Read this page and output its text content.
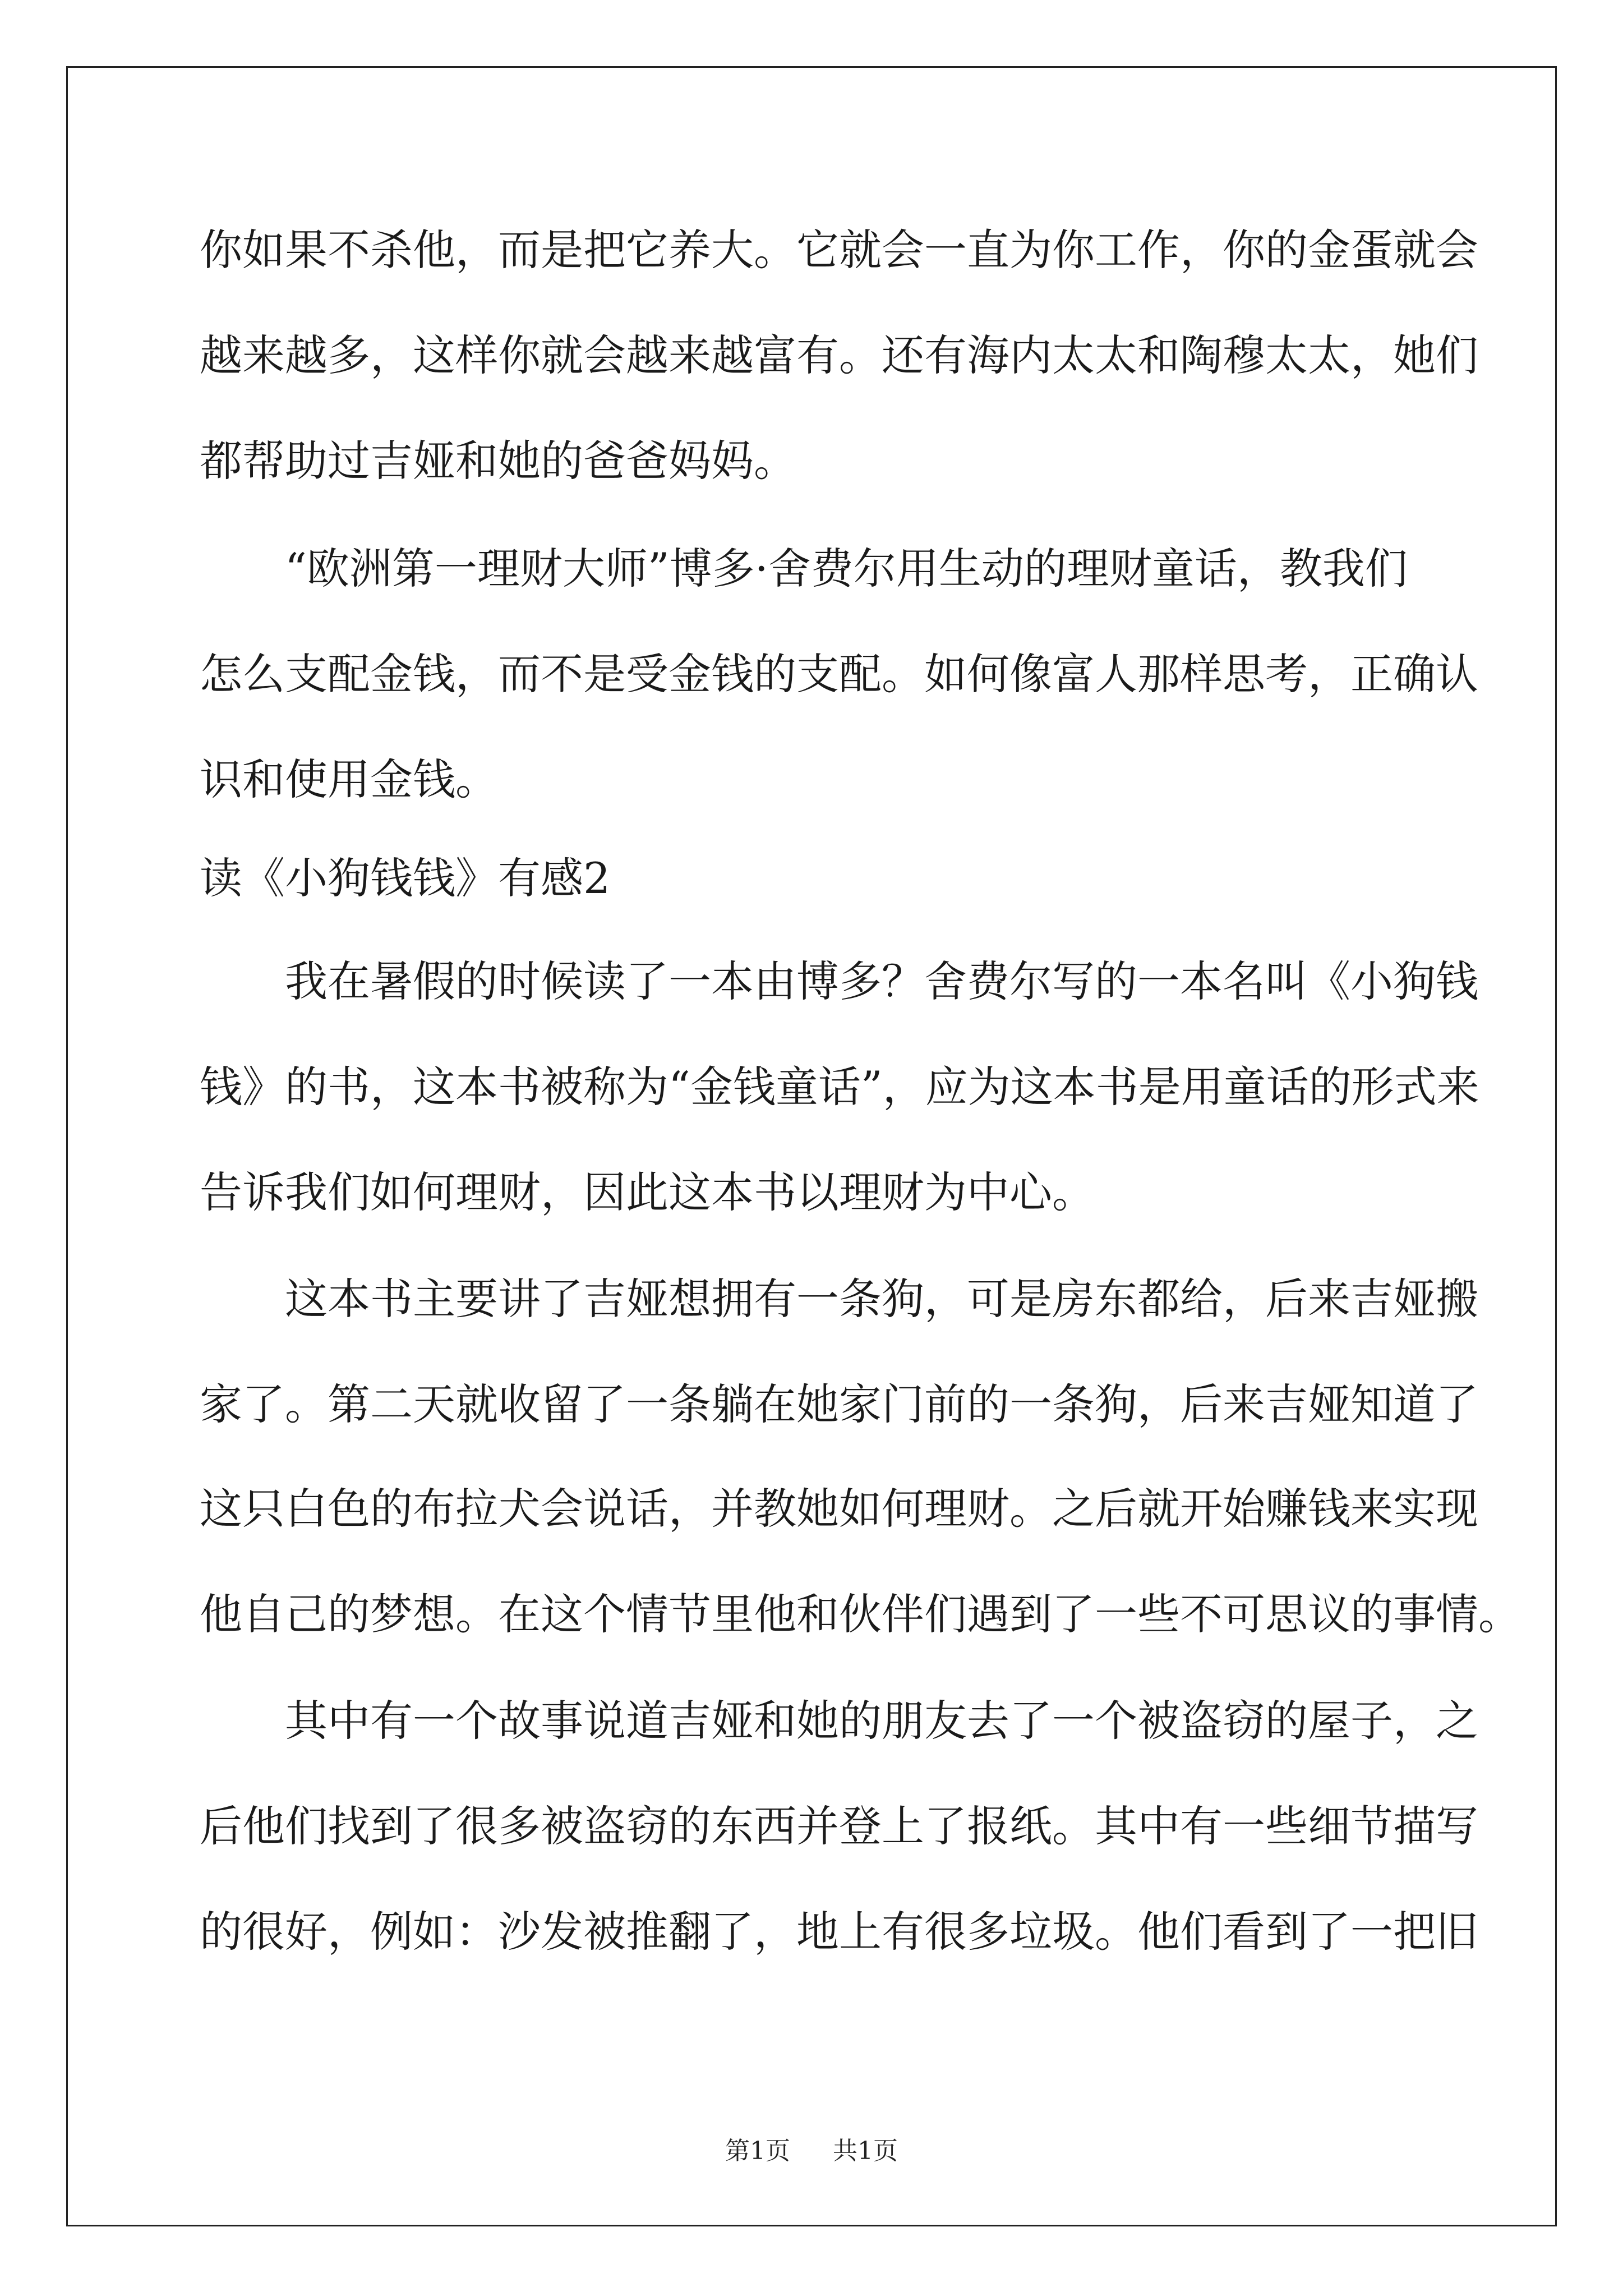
你如果不杀他，而是把它养大。它就会一直为你工作，你的金蛋就会
越来越多，这样你就会越来越富有。还有海内太太和陶穆太太，她们
都帮助过吉娅和她的爸爸妈妈。
　　“欧洲第一理财大师”博多·舍费尔用生动的理财童话，教我们
怎么支配金钱，而不是受金钱的支配。如何像富人那样思考，正确认
识和使用金钱。
读《小狗钱钱》有感2
　　我在暑假的时候读了一本由博多？舍费尔写的一本名叫《小狗钱
钱》的书，这本书被称为“金钱童话”，应为这本书是用童话的形式来
告诉我们如何理财，因此这本书以理财为中心。
　　这本书主要讲了吉娅想拥有一条狗，可是房东都给，后来吉娅搬
家了。第二天就收留了一条躺在她家门前的一条狗，后来吉娅知道了
这只白色的布拉犬会说话，并教她如何理财。之后就开始赚钱来实现
他自己的梦想。在这个情节里他和伙伴们遇到了一些不可思议的事情。
　　其中有一个故事说道吉娅和她的朋友去了一个被盗窃的屋子，之
后他们找到了很多被盗窃的东西并登上了报纸。其中有一些细节描写
的很好，例如：沙发被推翻了，地上有很多垃圾。他们看到了一把旧
第1页 共1页
